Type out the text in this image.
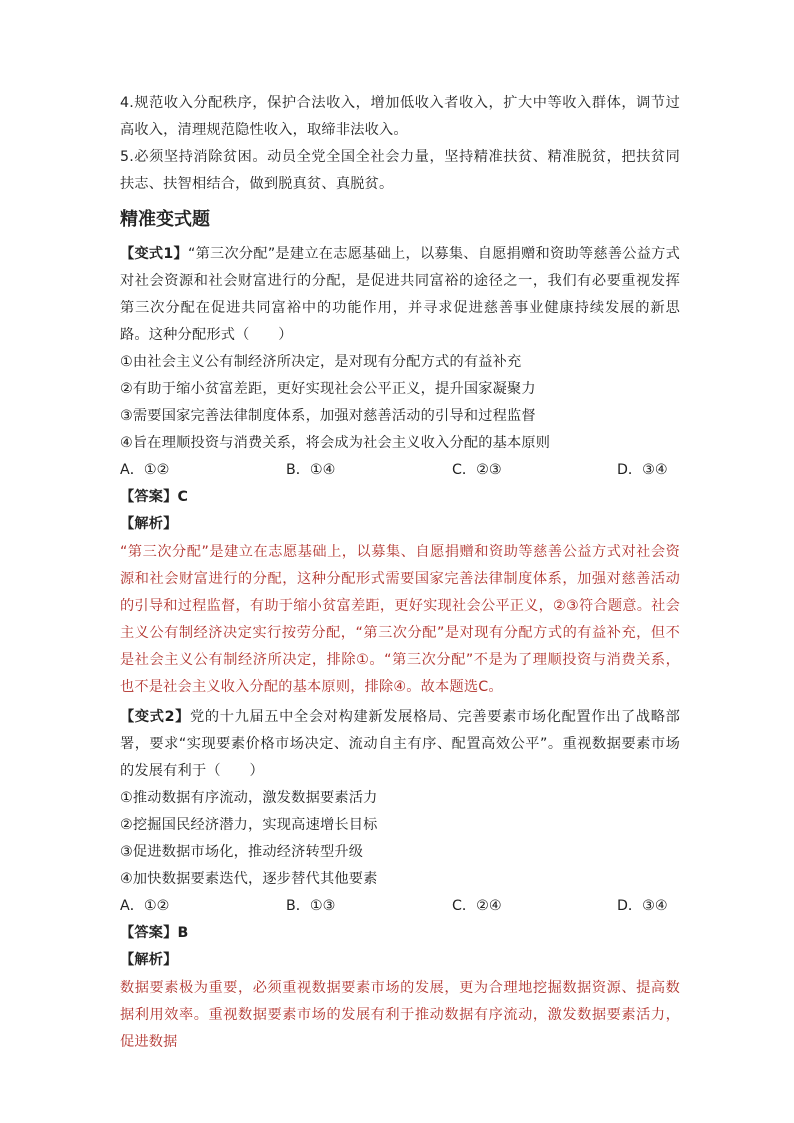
4.规范收入分配秩序，保护合法收入，增加低收入者收入，扩大中等收入群体，调节过高收入，清理规范隐性收入，取缔非法收入。
5.必须坚持消除贫困。动员全党全国全社会力量，坚持精准扶贫、精准脱贫，把扶贫同扶志、扶智相结合，做到脱真贫、真脱贫。
精准变式题
【变式1】“第三次分配”是建立在志愿基础上，以募集、自愿捐赠和资助等慈善公益方式对社会资源和社会财富进行的分配，是促进共同富裕的途径之一，我们有必要重视发挥第三次分配在促进共同富裕中的功能作用，并寻求促进慈善事业健康持续发展的新思路。这种分配形式（　　）
①由社会主义公有制经济所决定，是对现有分配方式的有益补充
②有助于缩小贫富差距，更好实现社会公平正义，提升国家凝聚力
③需要国家完善法律制度体系，加强对慈善活动的引导和过程监督
④旨在理顺投资与消费关系，将会成为社会主义收入分配的基本原则
A．①②	B．①④	C．②③	D．③④
【答案】C
【解析】
“第三次分配”是建立在志愿基础上，以募集、自愿捐赠和资助等慈善公益方式对社会资源和社会财富进行的分配，这种分配形式需要国家完善法律制度体系，加强对慈善活动的引导和过程监督，有助于缩小贫富差距，更好实现社会公平正义，②③符合题意。社会主义公有制经济决定实行按劳分配，“第三次分配”是对现有分配方式的有益补充，但不是社会主义公有制经济所决定，排除①。“第三次分配”不是为了理顺投资与消费关系，也不是社会主义收入分配的基本原则，排除④。故本题选C。
【变式2】党的十九届五中全会对构建新发展格局、完善要素市场化配置作出了战略部署，要求“实现要素价格市场决定、流动自主有序、配置高效公平”。重视数据要素市场的发展有利于（　　）
①推动数据有序流动，激发数据要素活力
②挖掘国民经济潜力，实现高速增长目标
③促进数据市场化，推动经济转型升级
④加快数据要素迭代，逐步替代其他要素
A．①②	B．①③	C．②④	D．③④
【答案】B
【解析】
数据要素极为重要，必须重视数据要素市场的发展，更为合理地挖掘数据资源、提高数据利用效率。重视数据要素市场的发展有利于推动数据有序流动，激发数据要素活力，促进数据
